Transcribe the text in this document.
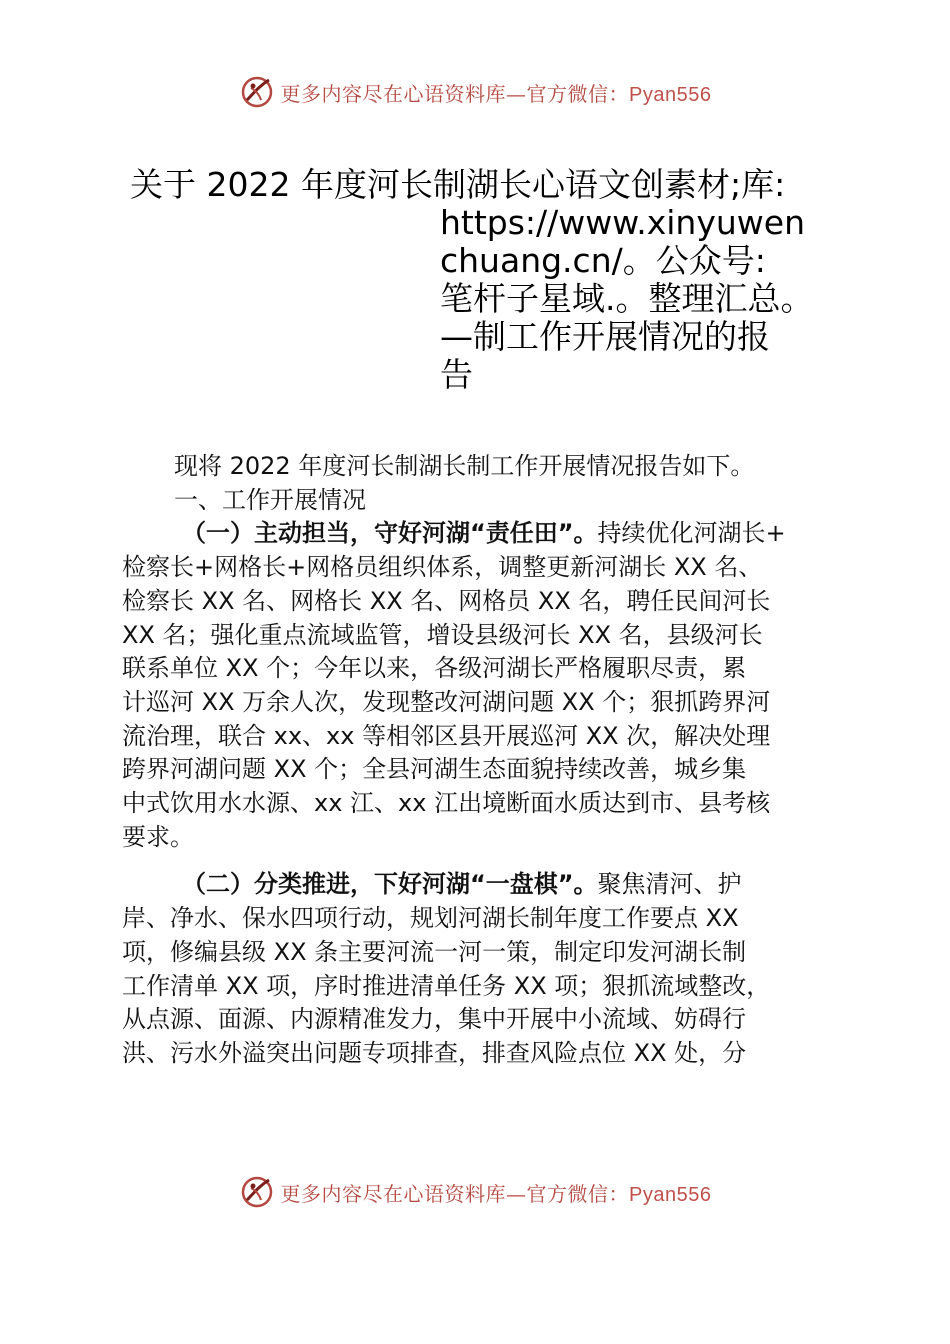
更多内容尽在心语资料库—官方微信：Pyan556
关于 2022 年度河长制湖长心语文创素材;库:
https://www.xinyuwen
chuang.cn/。公众号:
笔杆子星域.。整理汇总。
—制工作开展情况的报
告
现将 2022 年度河长制湖长制工作开展情况报告如下。
一、工作开展情况
（一）主动担当，守好河湖“责任田”。持续优化河湖长+
检察长+网格长+网格员组织体系，调整更新河湖长 XX 名、
检察长 XX 名、网格长 XX 名、网格员 XX 名，聘任民间河长
XX 名；强化重点流域监管，增设县级河长 XX 名，县级河长
联系单位 XX 个；今年以来，各级河湖长严格履职尽责，累
计巡河 XX 万余人次，发现整改河湖问题 XX 个；狠抓跨界河
流治理，联合 xx、xx 等相邻区县开展巡河 XX 次，解决处理
跨界河湖问题 XX 个；全县河湖生态面貌持续改善，城乡集
中式饮用水水源、xx 江、xx 江出境断面水质达到市、县考核
要求。
（二）分类推进，下好河湖“一盘棋”。聚焦清河、护
岸、净水、保水四项行动，规划河湖长制年度工作要点 XX
项，修编县级 XX 条主要河流一河一策，制定印发河湖长制
工作清单 XX 项，序时推进清单任务 XX 项；狠抓流域整改，
从点源、面源、内源精准发力，集中开展中小流域、妨碍行
洪、污水外溢突出问题专项排查，排查风险点位 XX 处，分
更多内容尽在心语资料库—官方微信：Pyan556
